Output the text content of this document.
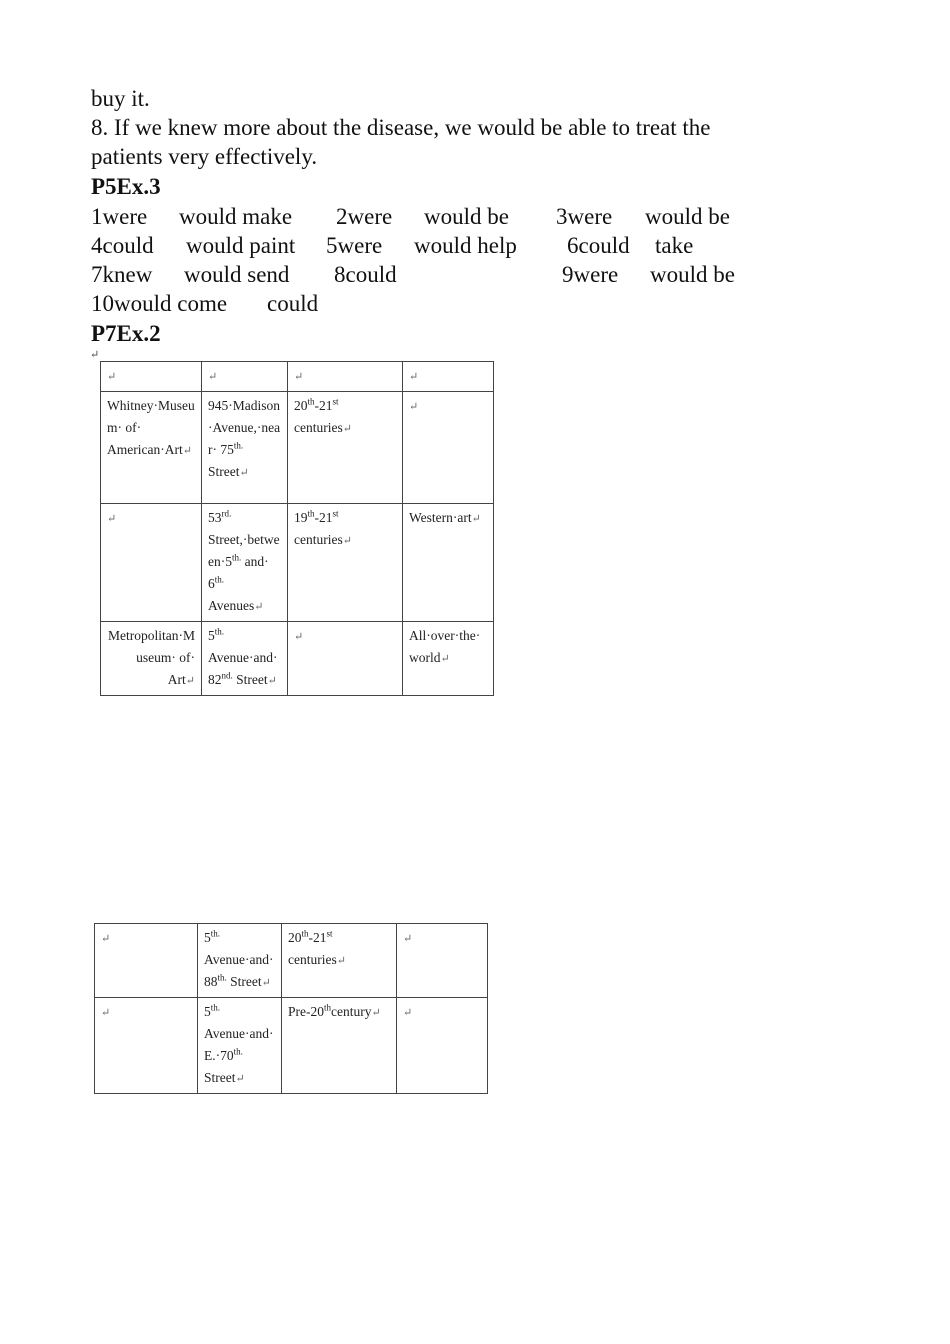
buy it.
8. If we knew more about the disease, we would be able to treat the
patients very effectively.
P5Ex.3
1were would make 2were would be 3were would be
4could would paint 5were would help 6could take
7knew would send 8could	9were would be
10would come could
P7Ex.2
↵
↵	↵	↵	↵
Whitney·Museum· of· American·Art↵	945·Madison·Avenue,·near· $75^{th.}$ Street↵	20th-21st centuries↵	↵
↵	$53^{rd.}$ $Street,\cdot between\cdot 5^{th.}$ $and\cdot 6^{th.}$ Avenues↵	19th-21st centuries↵	Western·art↵
Metropolitan·Museum· of· Art↵	$5^{th.}$ Avenue·and· $82^{nd.}$ Street↵	↵	All·over·the·world↵
↵	$5^{th.}$ Avenue·and· $88^{th.}$ Street↵	20th-21st centuries↵	↵
↵	$5^{th.}$ $Avenue\cdot and\cdot E.\cdot 70^{th.}$ Street↵	Pre-20thcentury↵	↵
